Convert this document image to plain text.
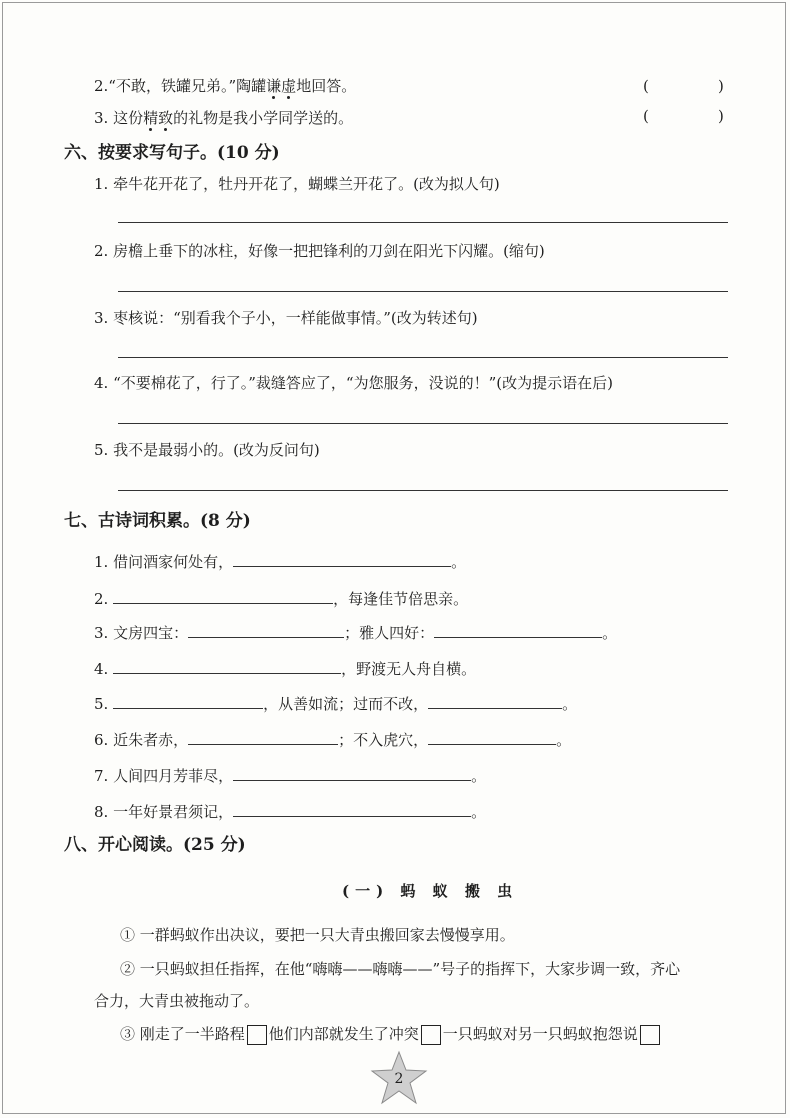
2.“不敢，铁罐兄弟。”陶罐谦虚地回答。	(	)
3. 这份精致的礼物是我小学同学送的。	(	)
六、按要求写句子。(10 分)
1. 牵牛花开花了，牡丹开花了，蝴蝶兰开花了。(改为拟人句)
2. 房檐上垂下的冰柱，好像一把把锋利的刀剑在阳光下闪耀。(缩句)
3. 枣核说：“别看我个子小，一样能做事情。”(改为转述句)
4. “不要棉花了，行了。”裁缝答应了，“为您服务，没说的！”(改为提示语在后)
5. 我不是最弱小的。(改为反问句)
七、古诗词积累。(8 分)
1. 借问酒家何处有，	。
2.	，每逢佳节倍思亲。
3. 文房四宝：	；雅人四好：	。
4.	，野渡无人舟自横。
5.	，从善如流；过而不改，	。
6. 近朱者赤，	；不入虎穴，	。
7. 人间四月芳菲尽，	。
8. 一年好景君须记，	。
八、开心阅读。(25 分)
(一) 蚂 蚁 搬 虫
① 一群蚂蚁作出决议，要把一只大青虫搬回家去慢慢享用。
② 一只蚂蚁担任指挥，在他“嗨嗨——嗨嗨——”号子的指挥下，大家步调一致，齐心
合力，大青虫被拖动了。
③ 刚走了一半路程 他们内部就发生了冲突 一只蚂蚁对另一只蚂蚁抱怨说
2
